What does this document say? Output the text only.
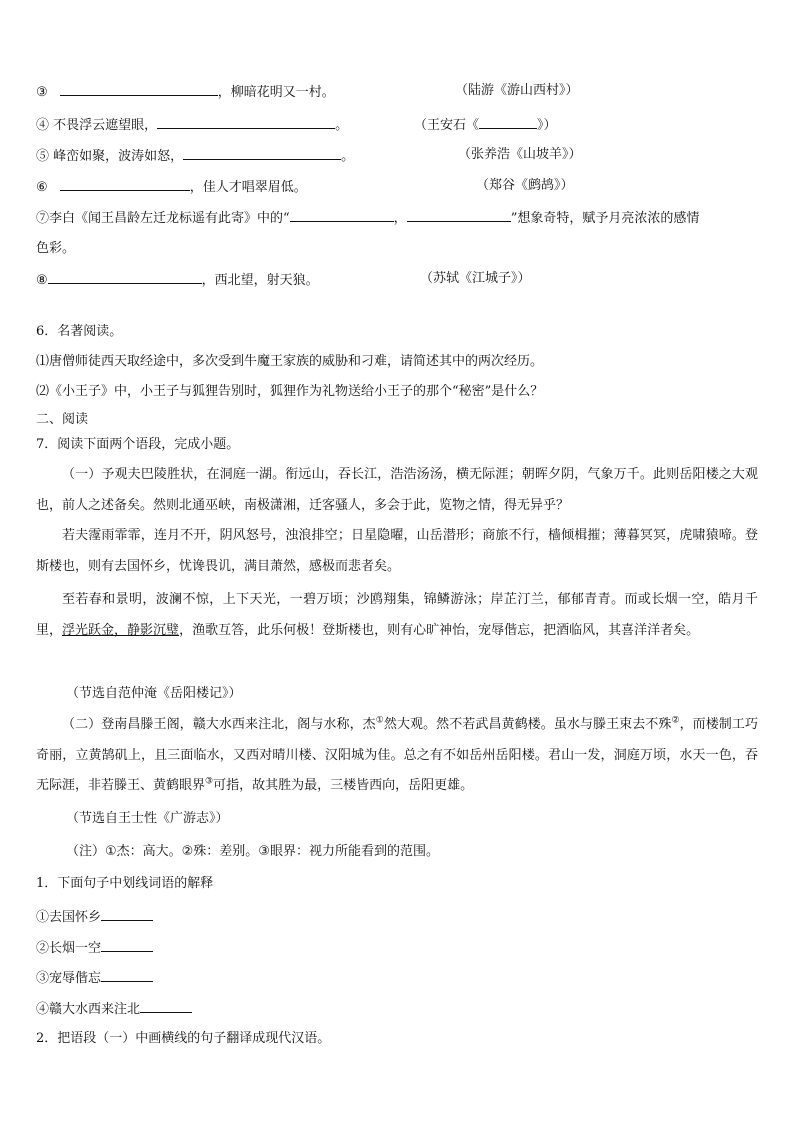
③	，柳暗花明又一村。	（陆游《游山西村》）
④ 不畏浮云遮望眼，	。	（王安石《	》）
⑤ 峰峦如聚，波涛如怒，	。	（张养浩《山坡羊》）
⑥	，佳人才唱翠眉低。	（郑谷《鹧鸪》）
⑦李白《闻王昌龄左迁龙标遥有此寄》中的“	，	”想象奇特，赋予月亮浓浓的感情
色彩。
⑧	，西北望，射天狼。	（苏轼《江城子》）
6．名著阅读。
⑴唐僧师徒西天取经途中，多次受到牛魔王家族的威胁和刁难，请简述其中的两次经历。
⑵《小王子》中，小王子与狐狸告别时，狐狸作为礼物送给小王子的那个“秘密”是什么？
二、阅读
7．阅读下面两个语段，完成小题。
（一）予观夫巴陵胜状，在洞庭一湖。衔远山，吞长江，浩浩汤汤，横无际涯；朝晖夕阴，气象万千。此则岳阳楼之大观也，前人之述备矣。然则北通巫峡，南极潇湘，迁客骚人，多会于此，览物之情，得无异乎？
若夫霪雨霏霏，连月不开，阴风怒号，浊浪排空；日星隐曜，山岳潜形；商旅不行，樯倾楫摧；薄暮冥冥，虎啸猿啼。登斯楼也，则有去国怀乡，忧谗畏讥，满目萧然，感极而悲者矣。
至若春和景明，波澜不惊，上下天光，一碧万顷；沙鸥翔集，锦鳞游泳；岸芷汀兰，郁郁青青。而或长烟一空，皓月千里，浮光跃金，静影沉璧，渔歌互答，此乐何极！登斯楼也，则有心旷神怡，宠辱偕忘，把酒临风，其喜洋洋者矣。
（节选自范仲淹《岳阳楼记》）
（二）登南昌滕王阁，赣大水西来注北，阁与水称，杰①然大观。然不若武昌黄鹤楼。虽水与滕王束去不殊②，而楼制工巧奇丽，立黄鹄矶上，且三面临水，又西对晴川楼、汉阳城为佳。总之有不如岳州岳阳楼。君山一发，洞庭万顷，水天一色，吞无际涯，非若滕王、黄鹤眼界③可指，故其胜为最，三楼皆西向，岳阳更雄。
（节选自王士性《广游志》）
（注）①杰：高大。②殊：差别。③眼界：视力所能看到的范围。
1．下面句子中划线词语的解释
①去国怀乡
②长烟一空
③宠辱偕忘
④赣大水西来注北
2．把语段（一）中画横线的句子翻译成现代汉语。
